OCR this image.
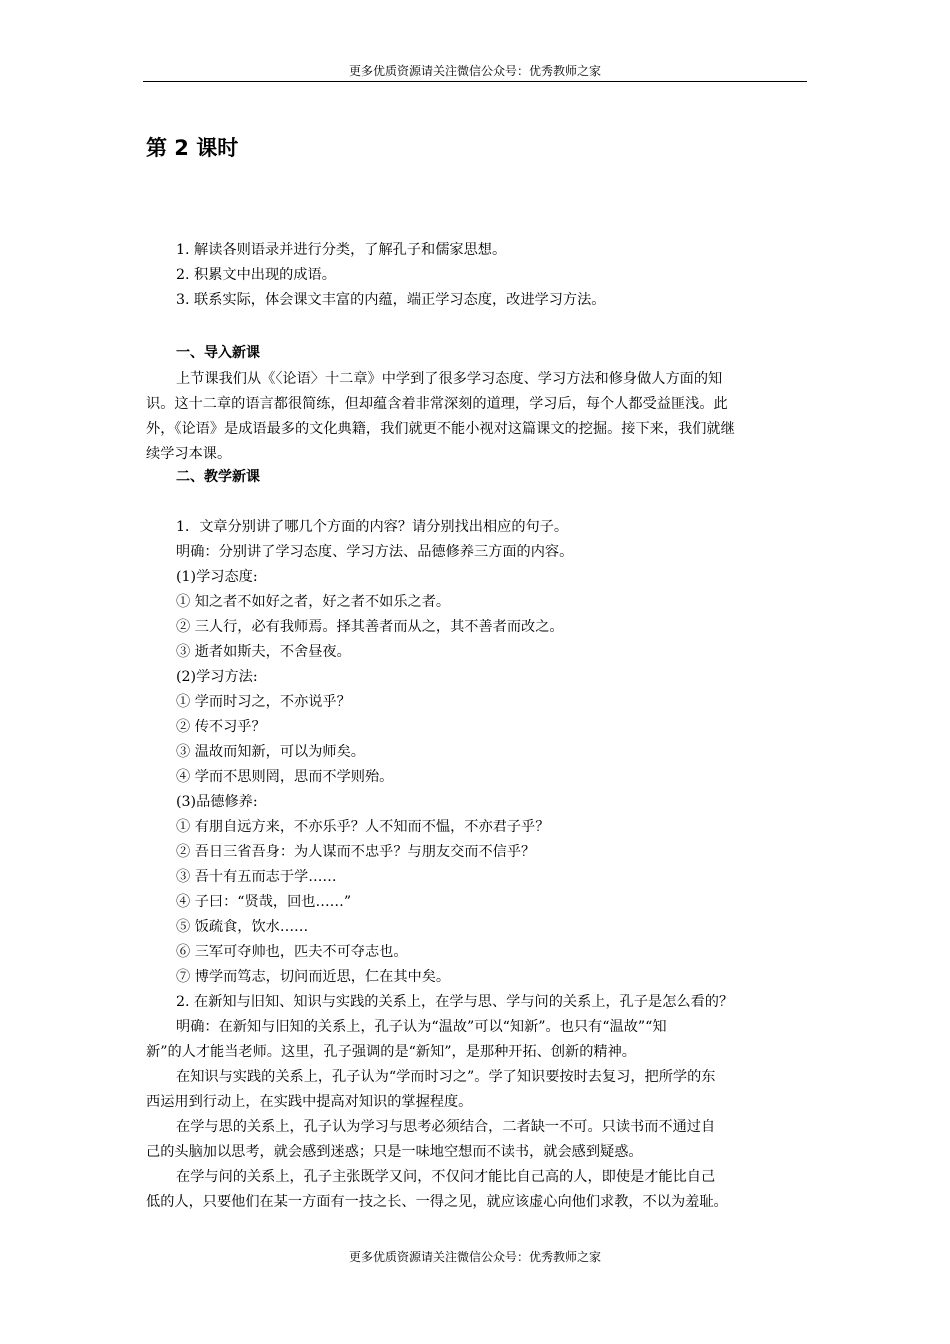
更多优质资源请关注微信公众号：优秀教师之家
第 2 课时
1. 解读各则语录并进行分类，了解孔子和儒家思想。
2. 积累文中出现的成语。
3. 联系实际，体会课文丰富的内蕴，端正学习态度，改进学习方法。
一、导入新课
上节课我们从《〈论语〉十二章》中学到了很多学习态度、学习方法和修身做人方面的知
识。这十二章的语言都很简练，但却蕴含着非常深刻的道理，学习后，每个人都受益匪浅。此
外，《论语》是成语最多的文化典籍，我们就更不能小视对这篇课文的挖掘。接下来，我们就继
续学习本课。
二、教学新课
1．文章分别讲了哪几个方面的内容？请分别找出相应的句子。
明确：分别讲了学习态度、学习方法、品德修养三方面的内容。
(1)学习态度:
① 知之者不如好之者，好之者不如乐之者。
② 三人行，必有我师焉。择其善者而从之，其不善者而改之。
③ 逝者如斯夫，不舍昼夜。
(2)学习方法:
① 学而时习之，不亦说乎？
② 传不习乎？
③ 温故而知新，可以为师矣。
④ 学而不思则罔，思而不学则殆。
(3)品德修养:
① 有朋自远方来，不亦乐乎？人不知而不愠，不亦君子乎？
② 吾日三省吾身：为人谋而不忠乎？与朋友交而不信乎？
③ 吾十有五而志于学……
④ 子曰：“贤哉，回也……”
⑤ 饭疏食，饮水……
⑥ 三军可夺帅也，匹夫不可夺志也。
⑦ 博学而笃志，切问而近思，仁在其中矣。
2. 在新知与旧知、知识与实践的关系上，在学与思、学与问的关系上，孔子是怎么看的？
明确：在新知与旧知的关系上，孔子认为“温故”可以“知新”。也只有“温故”“知
新”的人才能当老师。这里，孔子强调的是“新知”，是那种开拓、创新的精神。
在知识与实践的关系上，孔子认为“学而时习之”。学了知识要按时去复习，把所学的东
西运用到行动上，在实践中提高对知识的掌握程度。
在学与思的关系上，孔子认为学习与思考必须结合，二者缺一不可。只读书而不通过自
己的头脑加以思考，就会感到迷惑；只是一味地空想而不读书，就会感到疑惑。
在学与问的关系上，孔子主张既学又问，不仅问才能比自己高的人，即使是才能比自己
低的人，只要他们在某一方面有一技之长、一得之见，就应该虚心向他们求教，不以为羞耻。
更多优质资源请关注微信公众号：优秀教师之家
